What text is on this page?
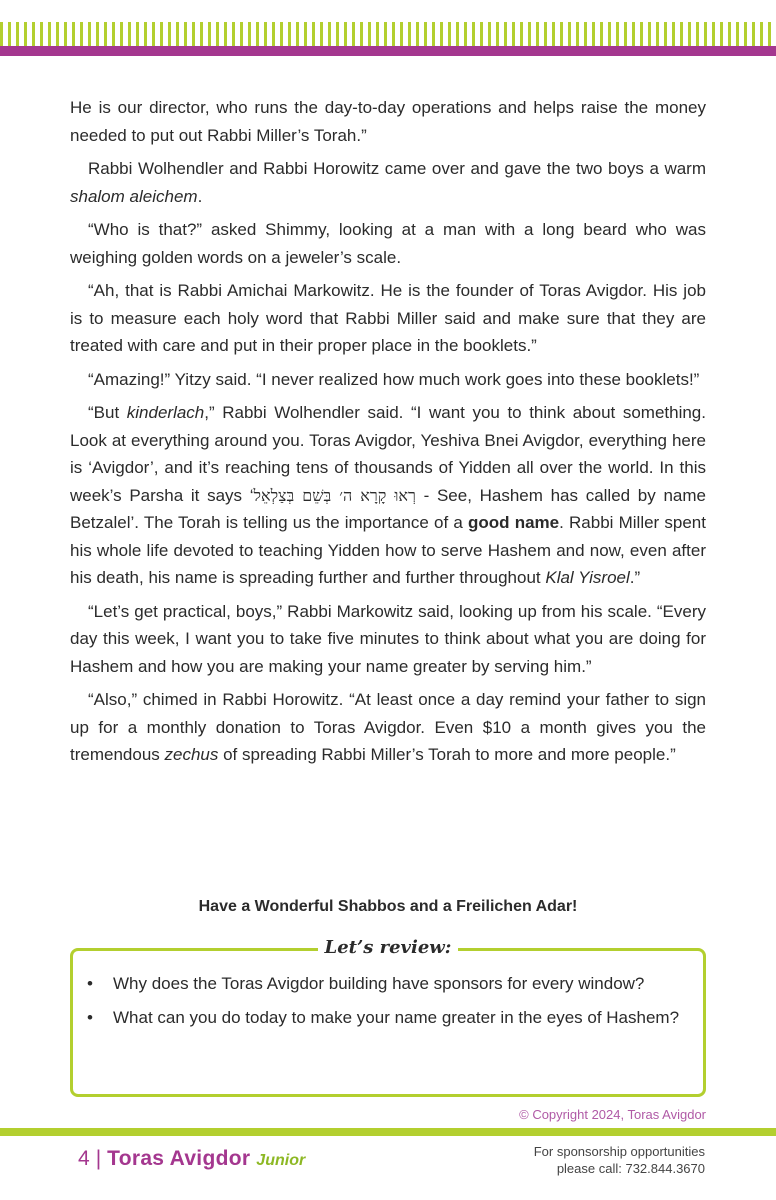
He is our director, who runs the day-to-day operations and helps raise the money needed to put out Rabbi Miller’s Torah.”

Rabbi Wolhendler and Rabbi Horowitz came over and gave the two boys a warm shalom aleichem.

“Who is that?” asked Shimmy, looking at a man with a long beard who was weighing golden words on a jeweler’s scale.

“Ah, that is Rabbi Amichai Markowitz. He is the founder of Toras Avigdor. His job is to measure each holy word that Rabbi Miller said and make sure that they are treated with care and put in their proper place in the booklets.”

“Amazing!” Yitzy said. “I never realized how much work goes into these booklets!”

“But kinderlach,” Rabbi Wolhendler said. “I want you to think about something. Look at everything around you. Toras Avigdor, Yeshiva Bnei Avigdor, everything here is ‘Avigdor’, and it’s reaching tens of thousands of Yidden all over the world. In this week’s Parsha it says ‘רְאוּ קָרָא ה׳ בְּשֵׁם בְּצַלְאֵל - See, Hashem has called by name Betzalel’. The Torah is telling us the importance of a good name. Rabbi Miller spent his whole life devoted to teaching Yidden how to serve Hashem and now, even after his death, his name is spreading further and further throughout Klal Yisroel.”

“Let’s get practical, boys,” Rabbi Markowitz said, looking up from his scale. “Every day this week, I want you to take five minutes to think about what you are doing for Hashem and how you are making your name greater by serving him.”

“Also,” chimed in Rabbi Horowitz. “At least once a day remind your father to sign up for a monthly donation to Toras Avigdor. Even $10 a month gives you the tremendous zechus of spreading Rabbi Miller’s Torah to more and more people.”

Have a Wonderful Shabbos and a Freilichen Adar!
Let’s review:
• Why does the Toras Avigdor building have sponsors for every window?
• What can you do today to make your name greater in the eyes of Hashem?
© Copyright 2024, Toras Avigdor
4 | Toras Avigdor Junior
For sponsorship opportunities
please call: 732.844.3670
